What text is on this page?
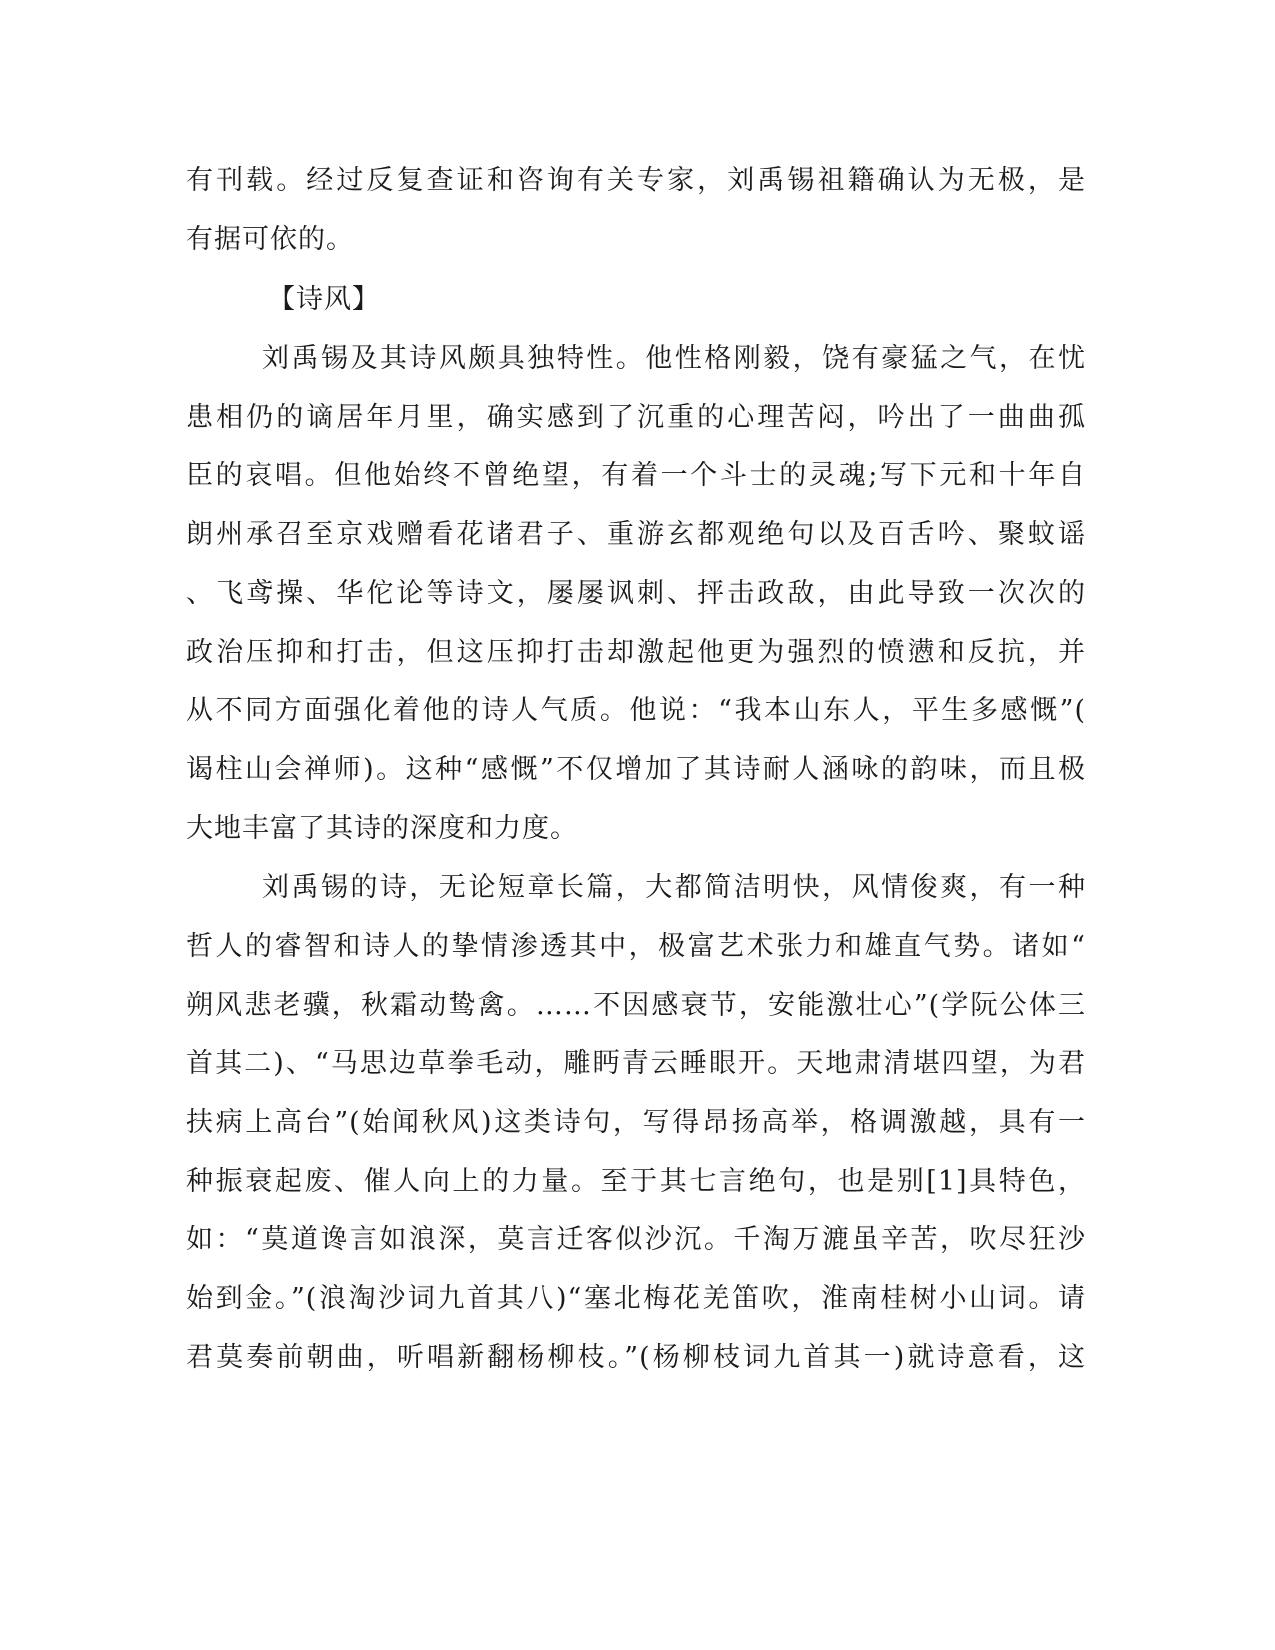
有刊载。经过反复查证和咨询有关专家，刘禹锡祖籍确认为无极，是
有据可依的。
【诗风】
刘禹锡及其诗风颇具独特性。他性格刚毅，饶有豪猛之气，在忧
患相仍的谪居年月里，确实感到了沉重的心理苦闷，吟出了一曲曲孤
臣的哀唱。但他始终不曾绝望，有着一个斗士的灵魂;写下元和十年自
朗州承召至京戏赠看花诸君子、重游玄都观绝句以及百舌吟、聚蚊谣
、飞鸢操、华佗论等诗文，屡屡讽刺、抨击政敌，由此导致一次次的
政治压抑和打击，但这压抑打击却激起他更为强烈的愤懑和反抗，并
从不同方面强化着他的诗人气质。他说：“我本山东人，平生多感慨”(
谒柱山会禅师)。这种“感慨”不仅增加了其诗耐人涵咏的韵味，而且极
大地丰富了其诗的深度和力度。
刘禹锡的诗，无论短章长篇，大都简洁明快，风情俊爽，有一种
哲人的睿智和诗人的挚情渗透其中，极富艺术张力和雄直气势。诸如“
朔风悲老骥，秋霜动鸷禽。……不因感衰节，安能激壮心”(学阮公体三
首其二)、“马思边草拳毛动，雕眄青云睡眼开。天地肃清堪四望，为君
扶病上高台”(始闻秋风)这类诗句，写得昂扬高举，格调激越，具有一
种振衰起废、催人向上的力量。至于其七言绝句，也是别[1]具特色，
如：“莫道谗言如浪深，莫言迁客似沙沉。千淘万漉虽辛苦，吹尽狂沙
始到金。”(浪淘沙词九首其八)“塞北梅花羌笛吹，淮南桂树小山词。请
君莫奏前朝曲，听唱新翻杨柳枝。”(杨柳枝词九首其一)就诗意看，这
